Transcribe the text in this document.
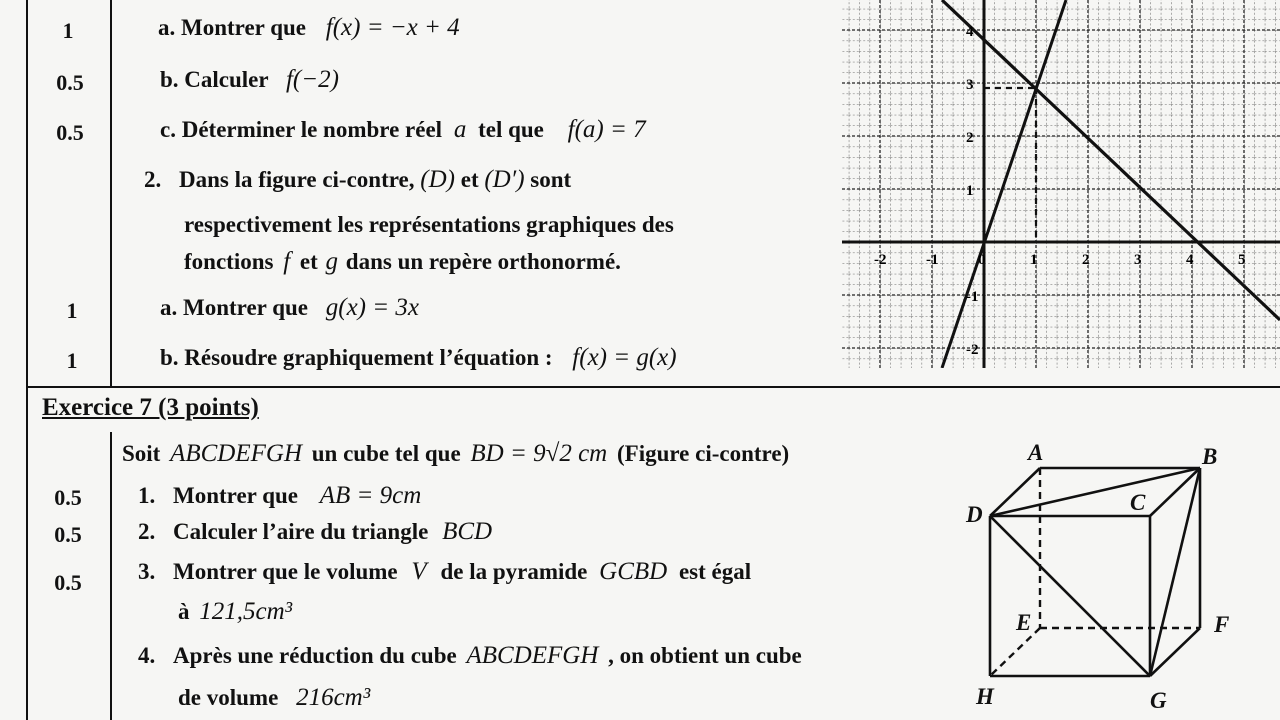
1	a. Montrer que f(x) = −x + 4
0.5	b. Calculer f(−2)
0.5	c. Déterminer le nombre réel a tel que f(a) = 7
2. Dans la figure ci-contre, (D) et (D′) sont
respectivement les représentations graphiques des
fonctions f et g dans un repère orthonormé.
1	a. Montrer que g(x) = 3x
1	b. Résoudre graphiquement l’équation : f(x) = g(x)
-2	-1	0	1	2	3	4	5
-2
-1
1
2
3
4
Exercice 7 (3 points)
Soit ABCDEFGH un cube tel que BD = 9√2 cm (Figure ci-contre)
0.5	1. Montrer que AB = 9cm
0.5	2. Calculer l’aire du triangle BCD
0.5	3. Montrer que le volume V de la pyramide GCBD est égal
à 121,5cm³
4. Après une réduction du cube ABCDEFGH , on obtient un cube
de volume 216cm³
A	B
C
D
E	F
G
H
